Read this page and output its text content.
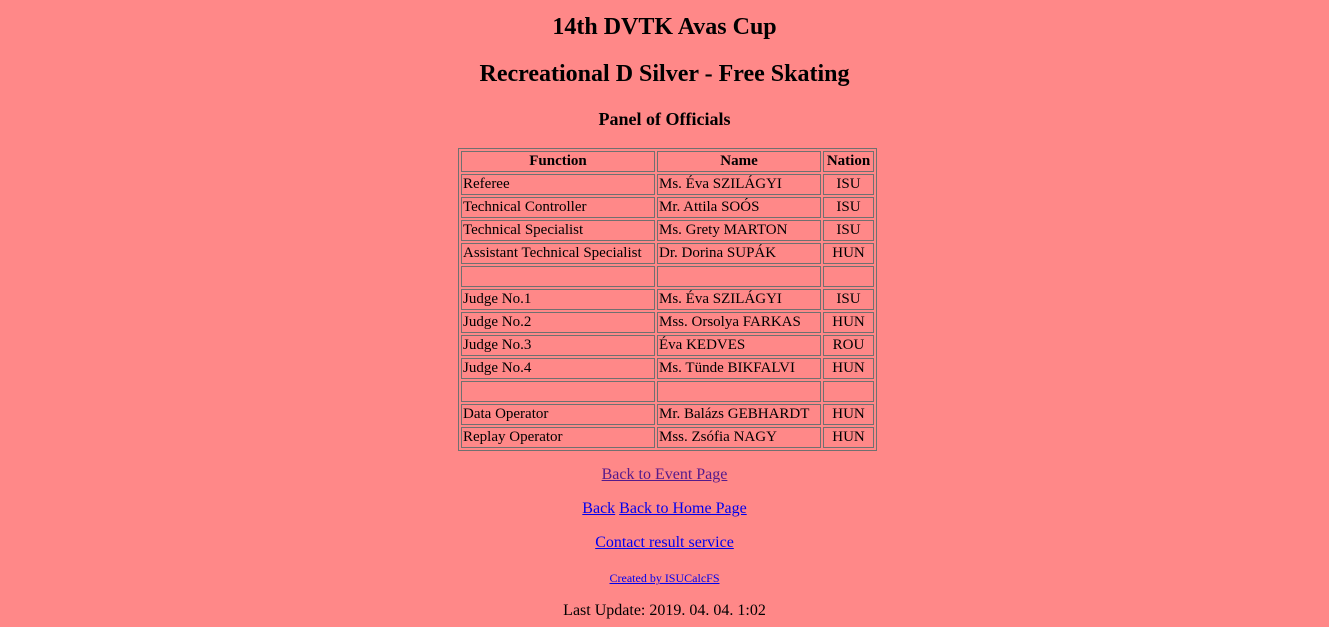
14th DVTK Avas Cup
Recreational D Silver - Free Skating
Panel of Officials
Function	Name	Nation
Referee	Ms. Éva SZILÁGYI	ISU
Technical Controller	Mr. Attila SOÓS	ISU
Technical Specialist	Ms. Grety MARTON	ISU
Assistant Technical Specialist	Dr. Dorina SUPÁK	HUN

Judge No.1	Ms. Éva SZILÁGYI	ISU
Judge No.2	Mss. Orsolya FARKAS	HUN
Judge No.3	Éva KEDVES	ROU
Judge No.4	Ms. Tünde BIKFALVI	HUN

Data Operator	Mr. Balázs GEBHARDT	HUN
Replay Operator	Mss. Zsófia NAGY	HUN
Back to Event Page
Back Back to Home Page
Contact result service
Created by ISUCalcFS
Last Update: 2019. 04. 04. 1:02
